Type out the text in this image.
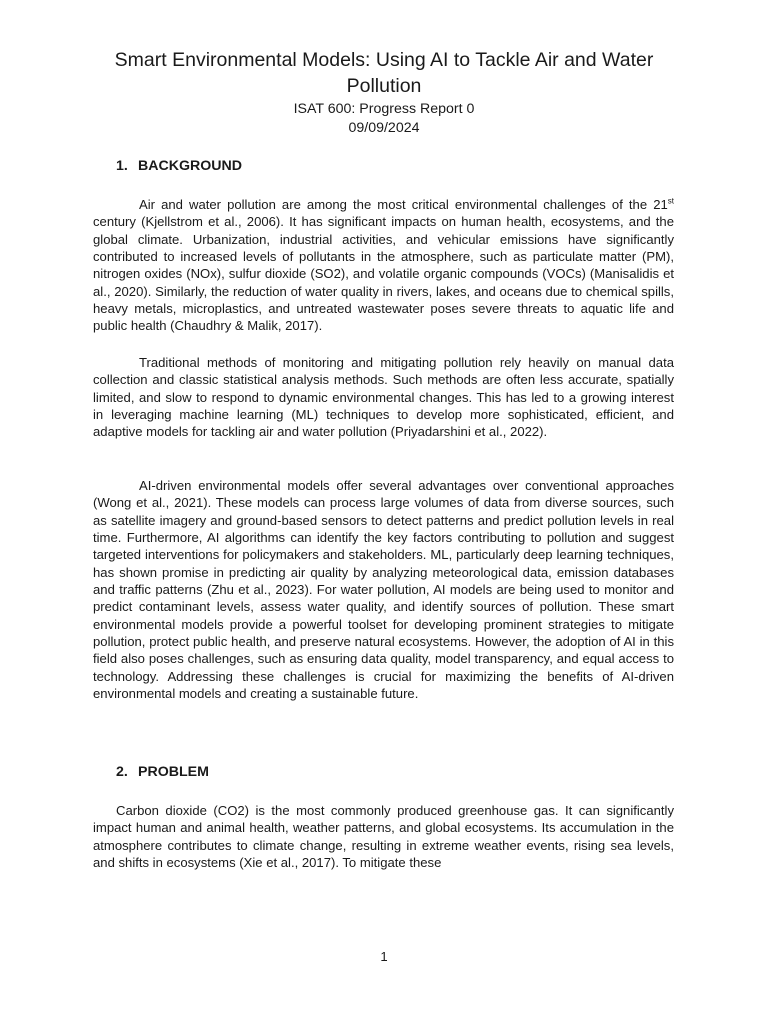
Smart Environmental Models: Using AI to Tackle Air and Water
Pollution
ISAT 600: Progress Report 0
09/09/2024
1. BACKGROUND

Air and water pollution are among the most critical environmental challenges of the 21st century (Kjellstrom et al., 2006). It has significant impacts on human health, ecosystems, and the global climate. Urbanization, industrial activities, and vehicular emissions have significantly contributed to increased levels of pollutants in the atmosphere, such as particulate matter (PM), nitrogen oxides (NOx), sulfur dioxide (SO2), and volatile organic compounds (VOCs) (Manisalidis et al., 2020). Similarly, the reduction of water quality in rivers, lakes, and oceans due to chemical spills, heavy metals, microplastics, and untreated wastewater poses severe threats to aquatic life and public health (Chaudhry & Malik, 2017).

Traditional methods of monitoring and mitigating pollution rely heavily on manual data collection and classic statistical analysis methods. Such methods are often less accurate, spatially limited, and slow to respond to dynamic environmental changes. This has led to a growing interest in leveraging machine learning (ML) techniques to develop more sophisticated, efficient, and adaptive models for tackling air and water pollution (Priyadarshini et al., 2022).

AI-driven environmental models offer several advantages over conventional approaches (Wong et al., 2021). These models can process large volumes of data from diverse sources, such as satellite imagery and ground-based sensors to detect patterns and predict pollution levels in real time. Furthermore, AI algorithms can identify the key factors contributing to pollution and suggest targeted interventions for policymakers and stakeholders. ML, particularly deep learning techniques, has shown promise in predicting air quality by analyzing meteorological data, emission databases and traffic patterns (Zhu et al., 2023). For water pollution, AI models are being used to monitor and predict contaminant levels, assess water quality, and identify sources of pollution. These smart environmental models provide a powerful toolset for developing prominent strategies to mitigate pollution, protect public health, and preserve natural ecosystems. However, the adoption of AI in this field also poses challenges, such as ensuring data quality, model transparency, and equal access to technology. Addressing these challenges is crucial for maximizing the benefits of AI-driven environmental models and creating a sustainable future.

2. PROBLEM

Carbon dioxide (CO2) is the most commonly produced greenhouse gas. It can significantly impact human and animal health, weather patterns, and global ecosystems. Its accumulation in the atmosphere contributes to climate change, resulting in extreme weather events, rising sea levels, and shifts in ecosystems (Xie et al., 2017). To mitigate these

1
